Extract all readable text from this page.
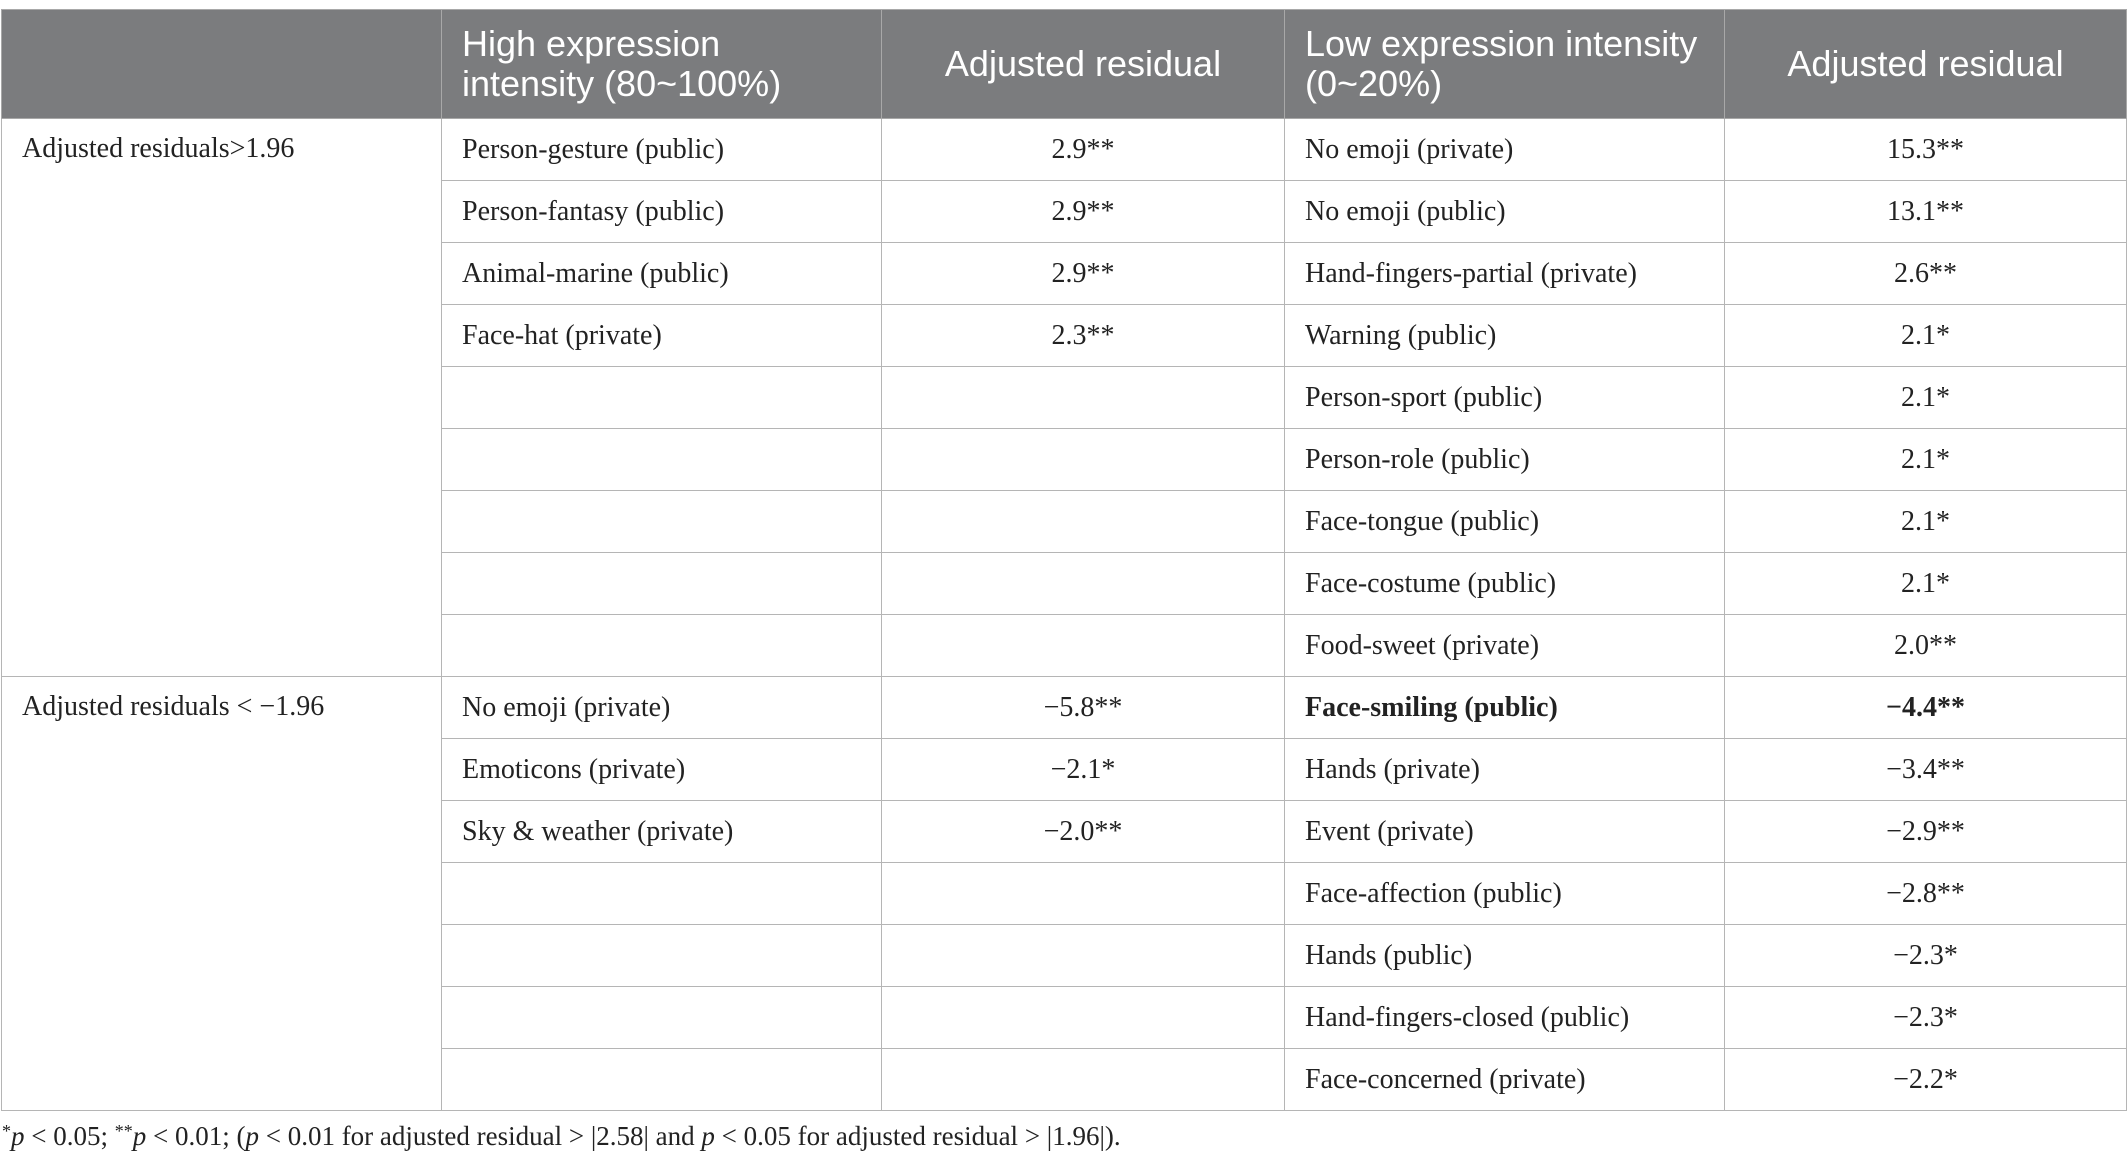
	High expression intensity (80~100%)	Adjusted residual	Low expression intensity (0~20%)	Adjusted residual
Adjusted residuals>1.96	Person-gesture (public)	2.9**	No emoji (private)	15.3**
	Person-fantasy (public)	2.9**	No emoji (public)	13.1**
	Animal-marine (public)	2.9**	Hand-fingers-partial (private)	2.6**
	Face-hat (private)	2.3**	Warning (public)	2.1*
			Person-sport (public)	2.1*
			Person-role (public)	2.1*
			Face-tongue (public)	2.1*
			Face-costume (public)	2.1*
			Food-sweet (private)	2.0**
Adjusted residuals < −1.96	No emoji (private)	−5.8**	Face-smiling (public)	−4.4**
	Emoticons (private)	−2.1*	Hands (private)	−3.4**
	Sky & weather (private)	−2.0**	Event (private)	−2.9**
			Face-affection (public)	−2.8**
			Hands (public)	−2.3*
			Hand-fingers-closed (public)	−2.3*
			Face-concerned (private)	−2.2*
*p < 0.05; **p < 0.01; (p < 0.01 for adjusted residual > |2.58| and p < 0.05 for adjusted residual > |1.96|).
